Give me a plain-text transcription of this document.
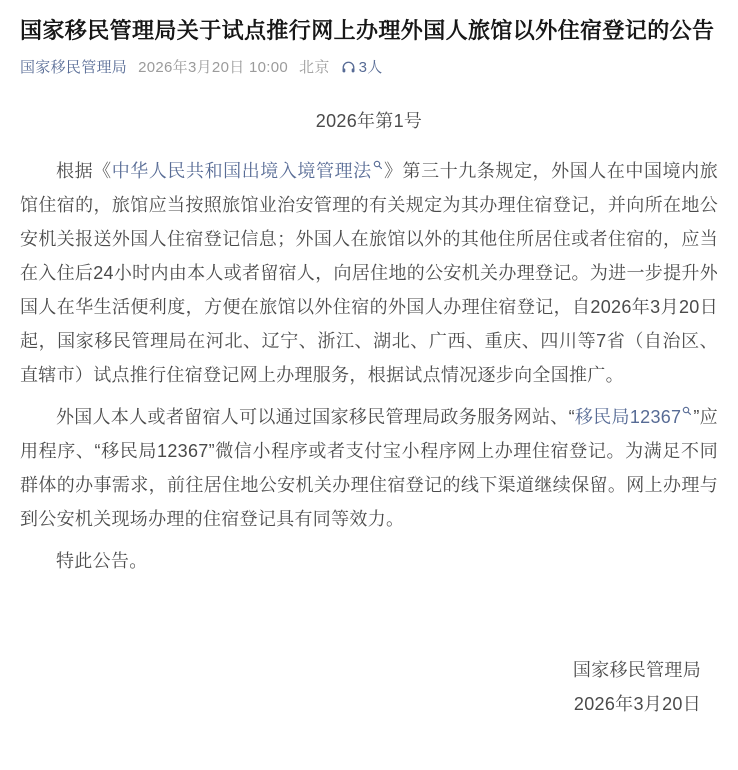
国家移民管理局关于试点推行网上办理外国人旅馆以外住宿登记的公告
国家移民管理局 2026年3月20日 10:00 北京 3人

2026年第1号

根据《中华人民共和国出境入境管理法 》第三十九条规定，外国人在中国境内旅馆住宿的，旅馆应当按照旅馆业治安管理的有关规定为其办理住宿登记，并向所在地公安机关报送外国人住宿登记信息；外国人在旅馆以外的其他住所居住或者住宿的，应当在入住后24小时内由本人或者留宿人，向居住地的公安机关办理登记。为进一步提升外国人在华生活便利度，方便在旅馆以外住宿的外国人办理住宿登记，自2026年3月20日起，国家移民管理局在河北、辽宁、浙江、湖北、广西、重庆、四川等7省（自治区、直辖市）试点推行住宿登记网上办理服务，根据试点情况逐步向全国推广。

外国人本人或者留宿人可以通过国家移民管理局政务服务网站、“移民局12367 ”应用程序、“移民局12367”微信小程序或者支付宝小程序网上办理住宿登记。为满足不同群体的办事需求，前往居住地公安机关办理住宿登记的线下渠道继续保留。网上办理与到公安机关现场办理的住宿登记具有同等效力。

特此公告。

国家移民管理局

2026年3月20日
